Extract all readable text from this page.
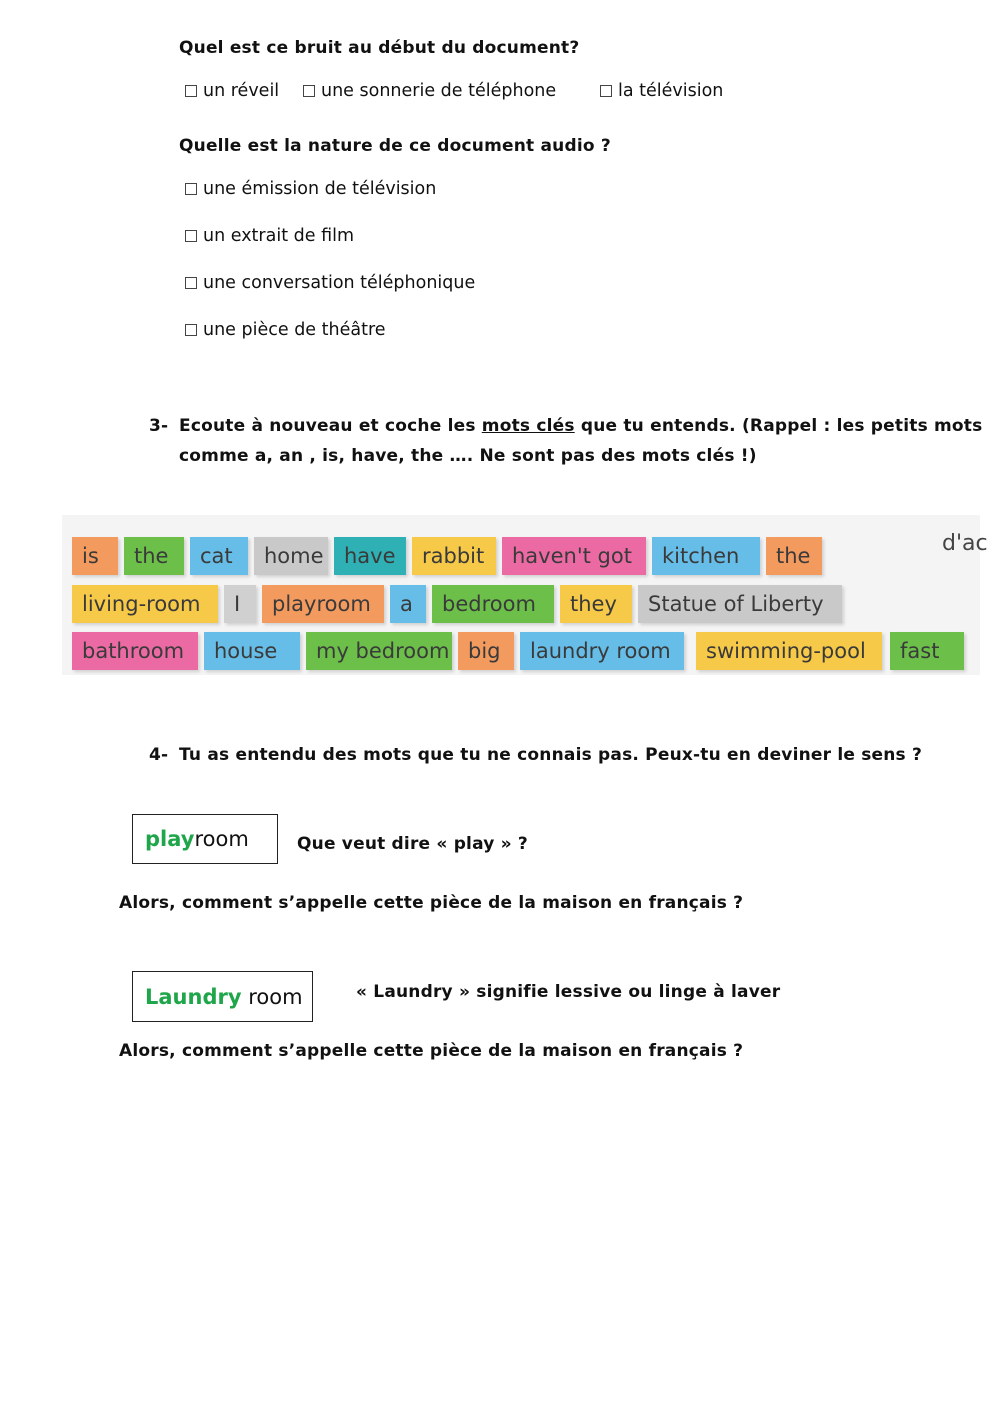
Quel est ce bruit au début du document?
un réveil une sonnerie de téléphone	la télévision
Quelle est la nature de ce document audio ?
une émission de télévision
un extrait de film
une conversation téléphonique
une pièce de théâtre
3- Ecoute à nouveau et coche les mots clés que tu entends. (Rappel : les petits mots
comme a, an , is, have, the …. Ne sont pas des mots clés !)
is	the	cat	home have	rabbit	haven't got	kitchen	the
living-room	I	playroom	a	bedroom	they	Statue of Liberty
bathroom	house	my bedroom big	laundry room	swimming-pool	fast
d'ac
4- Tu as entendu des mots que tu ne connais pas. Peux-tu en deviner le sens ?
play room	Que veut dire « play » ?
Alors, comment s’appelle cette pièce de la maison en français ?
Laundry room	« Laundry » signifie lessive ou linge à laver
Alors, comment s’appelle cette pièce de la maison en français ?
